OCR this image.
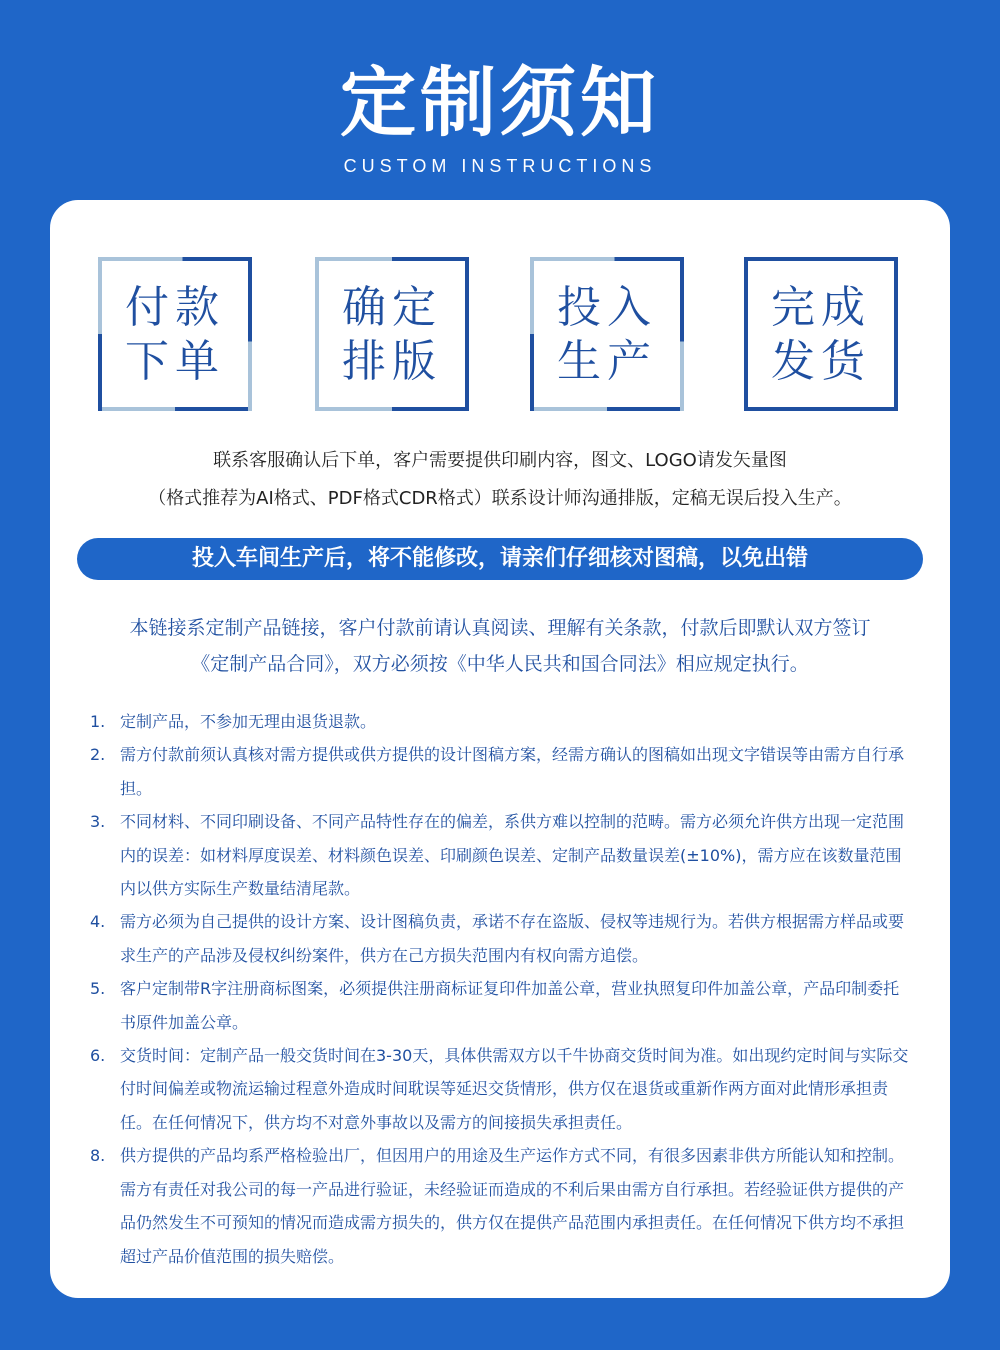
定制须知
CUSTOM INSTRUCTIONS
付款
下单
确定
排版
投入
生产
完成
发货
联系客服确认后下单，客户需要提供印刷内容，图文、LOGO请发矢量图
（格式推荐为AI格式、PDF格式CDR格式）联系设计师沟通排版，定稿无误后投入生产。
投入车间生产后，将不能修改，请亲们仔细核对图稿，以免出错
本链接系定制产品链接，客户付款前请认真阅读、理解有关条款，付款后即默认双方签订
《定制产品合同》，双方必须按《中华人民共和国合同法》相应规定执行。
1. 定制产品，不参加无理由退货退款。
2. 需方付款前须认真核对需方提供或供方提供的设计图稿方案，经需方确认的图稿如出现文字错误等由需方自行承担。
3. 不同材料、不同印刷设备、不同产品特性存在的偏差，系供方难以控制的范畴。需方必须允许供方出现一定范围内的误差：如材料厚度误差、材料颜色误差、印刷颜色误差、定制产品数量误差(±10%)，需方应在该数量范围内以供方实际生产数量结清尾款。
4. 需方必须为自己提供的设计方案、设计图稿负责，承诺不存在盗版、侵权等违规行为。若供方根据需方样品或要求生产的产品涉及侵权纠纷案件，供方在己方损失范围内有权向需方追偿。
5. 客户定制带R字注册商标图案，必须提供注册商标证复印件加盖公章，营业执照复印件加盖公章，产品印制委托书原件加盖公章。
6. 交货时间：定制产品一般交货时间在3-30天，具体供需双方以千牛协商交货时间为准。如出现约定时间与实际交付时间偏差或物流运输过程意外造成时间耽误等延迟交货情形，供方仅在退货或重新作两方面对此情形承担责任。在任何情况下，供方均不对意外事故以及需方的间接损失承担责任。
8. 供方提供的产品均系严格检验出厂，但因用户的用途及生产运作方式不同，有很多因素非供方所能认知和控制。需方有责任对我公司的每一产品进行验证，未经验证而造成的不利后果由需方自行承担。若经验证供方提供的产品仍然发生不可预知的情况而造成需方损失的，供方仅在提供产品范围内承担责任。在任何情况下供方均不承担超过产品价值范围的损失赔偿。
